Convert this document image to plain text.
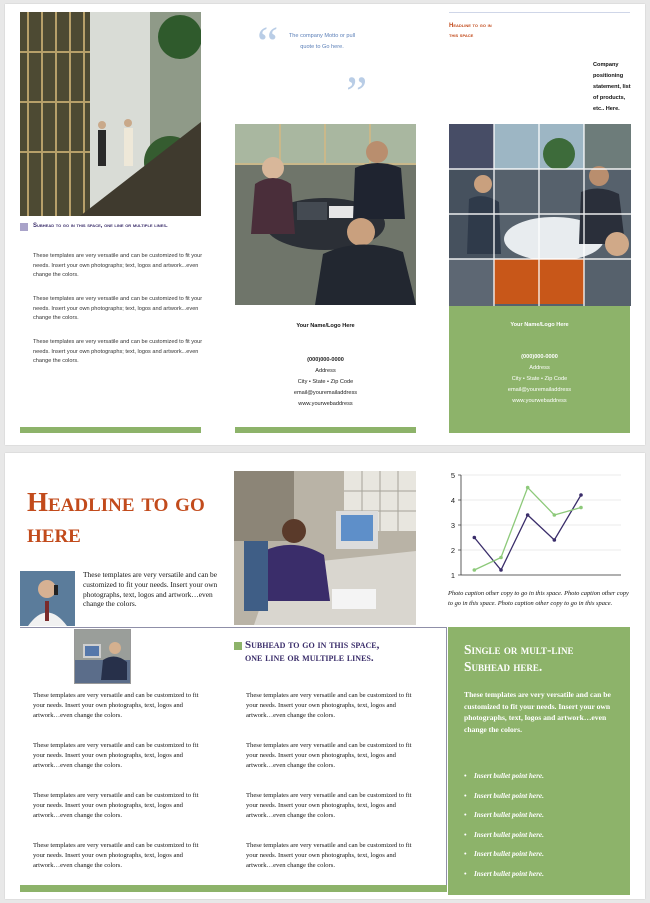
Subhead to go in this space, one line or multiple lines.
These templates are very versatile and can be customized to fit your needs. Insert your own photographs; text, logos and artwork...even change the colors.
These templates are very versatile and can be customized to fit your needs. Insert your own photographs; text, logos and artwork...even change the colors.
These templates are very versatile and can be customized to fit your needs. Insert your own photographs; text, logos and artwork...even change the colors.
“	The company Motto or pull quote to Go here.
”
Your Name/Logo Here
(000)000-0000
Address
City • State • Zip Code
email@youremailaddress
www.yourwebaddress
Headline to go in this space
Company positioning statement, list of products, etc.. Here.
Your Name/Logo Here
(000)000-0000
Address
City • State • Zip Code
email@youremailaddress
www.yourwebaddress
Headline to go here
These templates are very versatile and can be customized to fit your needs. Insert your own photographs, text, logos and artwork…even change the colors.
1
2
3
4
5
Photo caption other copy to go in this space. Photo caption other copy to go in this space. Photo caption other copy to go in this space.
These templates are very versatile and can be customized to fit your needs. Insert your own photographs, text, logos and artwork…even change the colors.
These templates are very versatile and can be customized to fit your needs. Insert your own photographs, text, logos and artwork…even change the colors.
These templates are very versatile and can be customized to fit your needs. Insert your own photographs, text, logos and artwork…even change the colors.
These templates are very versatile and can be customized to fit your needs. Insert your own photographs, text, logos and artwork…even change the colors.
Subhead to go in this space, one line or multiple lines.
These templates are very versatile and can be customized to fit your needs. Insert your own photographs, text, logos and artwork…even change the colors.
These templates are very versatile and can be customized to fit your needs. Insert your own photographs, text, logos and artwork…even change the colors.
These templates are very versatile and can be customized to fit your needs. Insert your own photographs, text, logos and artwork…even change the colors.
These templates are very versatile and can be customized to fit your needs. Insert your own photographs, text, logos and artwork…even change the colors.
Single or mult-line Subhead here.
These templates are very versatile and can be customized to fit your needs. Insert your own photographs, text, logos and artwork…even change the colors.
• Insert bullet point here.
• Insert bullet point here.
• Insert bullet point here.
• Insert bullet point here.
• Insert bullet point here.
• Insert bullet point here.
